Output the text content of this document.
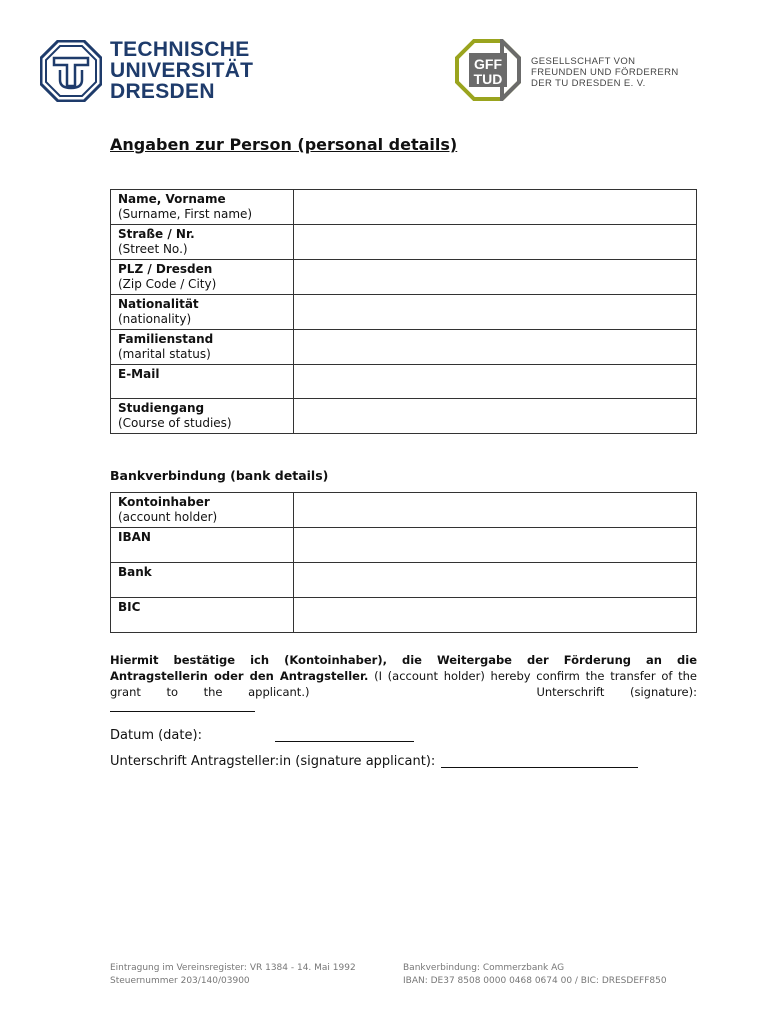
TECHNISCHE
UNIVERSITÄT
DRESDEN
GFF
TUD
GESELLSCHAFT VON
FREUNDEN UND FÖRDERERN
DER TU DRESDEN E. V.
Angaben zur Person (personal details)
Name, Vorname
(Surname, First name)

Straße / Nr.
(Street No.)

PLZ / Dresden
(Zip Code / City)

Nationalität
(nationality)

Familienstand
(marital status)

E-Mail

Studiengang
(Course of studies)

Bankverbindung (bank details)
Kontoinhaber
(account holder)

IBAN

Bank

BIC

Hiermit bestätige ich (Kontoinhaber), die Weitergabe der Förderung an die Antragstellerin oder den Antragsteller. (I (account holder) hereby confirm the transfer of the grant to the applicant.)	Unterschrift (signature):
Datum (date):
Unterschrift Antragsteller:in (signature applicant):
Eintragung im Vereinsregister: VR 1384 - 14. Mai 1992
Steuernummer 203/140/03900
Bankverbindung: Commerzbank AG
IBAN: DE37 8508 0000 0468 0674 00 / BIC: DRESDEFF850
